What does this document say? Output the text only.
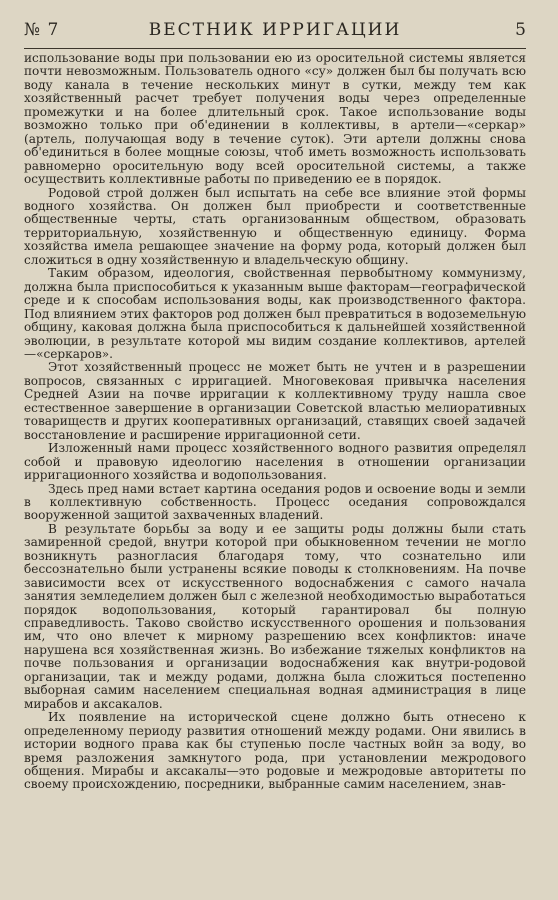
№ 7	ВЕСТНИК ИРРИГАЦИИ	5

использование воды при пользовании ею из оросительной системы является почти невозможным. Пользователь одного «су» должен был бы получать всю воду канала в течение нескольких минут в сутки, между тем как хозяйственный расчет требует получения воды через определенные промежутки и на более длительный срок. Такое использование воды возможно только при об'единении в коллективы, в артели—«серкар» (артель, получающая воду в течение суток). Эти артели должны снова об'единиться в более мощные союзы, чтоб иметь возможность использовать равномерно оросительную воду всей оросительной системы, а также осуществить коллективные работы по приведению ее в порядок.

Родовой строй должен был испытать на себе все влияние этой формы водного хозяйства. Он должен был приобрести и соответственные общественные черты, стать организованным обществом, образовать территориальную, хозяйственную и общественную единицу. Форма хозяйства имела решающее значение на форму рода, который должен был сложиться в одну хозяйственную и владельческую общину.

Таким образом, идеология, свойственная первобытному коммунизму, должна была приспособиться к указанным выше факторам—географической среде и к способам использования воды, как производственного фактора. Под влиянием этих факторов род должен был превратиться в водоземельную общину, каковая должна была приспособиться к дальнейшей хозяйственной эволюции, в результате которой мы видим создание коллективов, артелей—«серкаров».

Этот хозяйственный процесс не может быть не учтен и в разрешении вопросов, связанных с ирригацией. Многовековая привычка населения Средней Азии на почве ирригации к коллективному труду нашла свое естественное завершение в организации Советской властью мелиоративных товариществ и других кооперативных организаций, ставящих своей задачей восстановление и расширение ирригационной сети.

Изложенный нами процесс хозяйственного водного развития определял собой и правовую идеологию населения в отношении организации ирригационного хозяйства и водопользования.

Здесь пред нами встает картина оседания родов и освоение воды и земли в коллективную собственность. Процесс оседания сопровождался вооруженной защитой захваченных владений.

В результате борьбы за воду и ее защиты роды должны были стать замиренной средой, внутри которой при обыкновенном течении не могло возникнуть разногласия благодаря тому, что сознательно или бессознательно были устранены всякие поводы к столкновениям. На почве зависимости всех от искусственного водоснабжения с самого начала занятия земледелием должен был с железной необходимостью выработаться порядок водопользования, который гарантировал бы полную справедливость. Таково свойство искусственного орошения и пользования им, что оно влечет к мирному разрешению всех конфликтов: иначе нарушена вся хозяйственная жизнь. Во избежание тяжелых конфликтов на почве пользования и организации водоснабжения как внутри-родовой организации, так и между родами, должна была сложиться постепенно выборная самим населением специальная водная администрация в лице мирабов и аксакалов.

Их появление на исторической сцене должно быть отнесено к определенному периоду развития отношений между родами. Они явились в истории водного права как бы ступенью после частных войн за воду, во время разложения замкнутого рода, при установлении межродового общения. Мирабы и аксакалы—это родовые и межродовые авторитеты по своему происхождению, посредники, выбранные самим населением, знав-
